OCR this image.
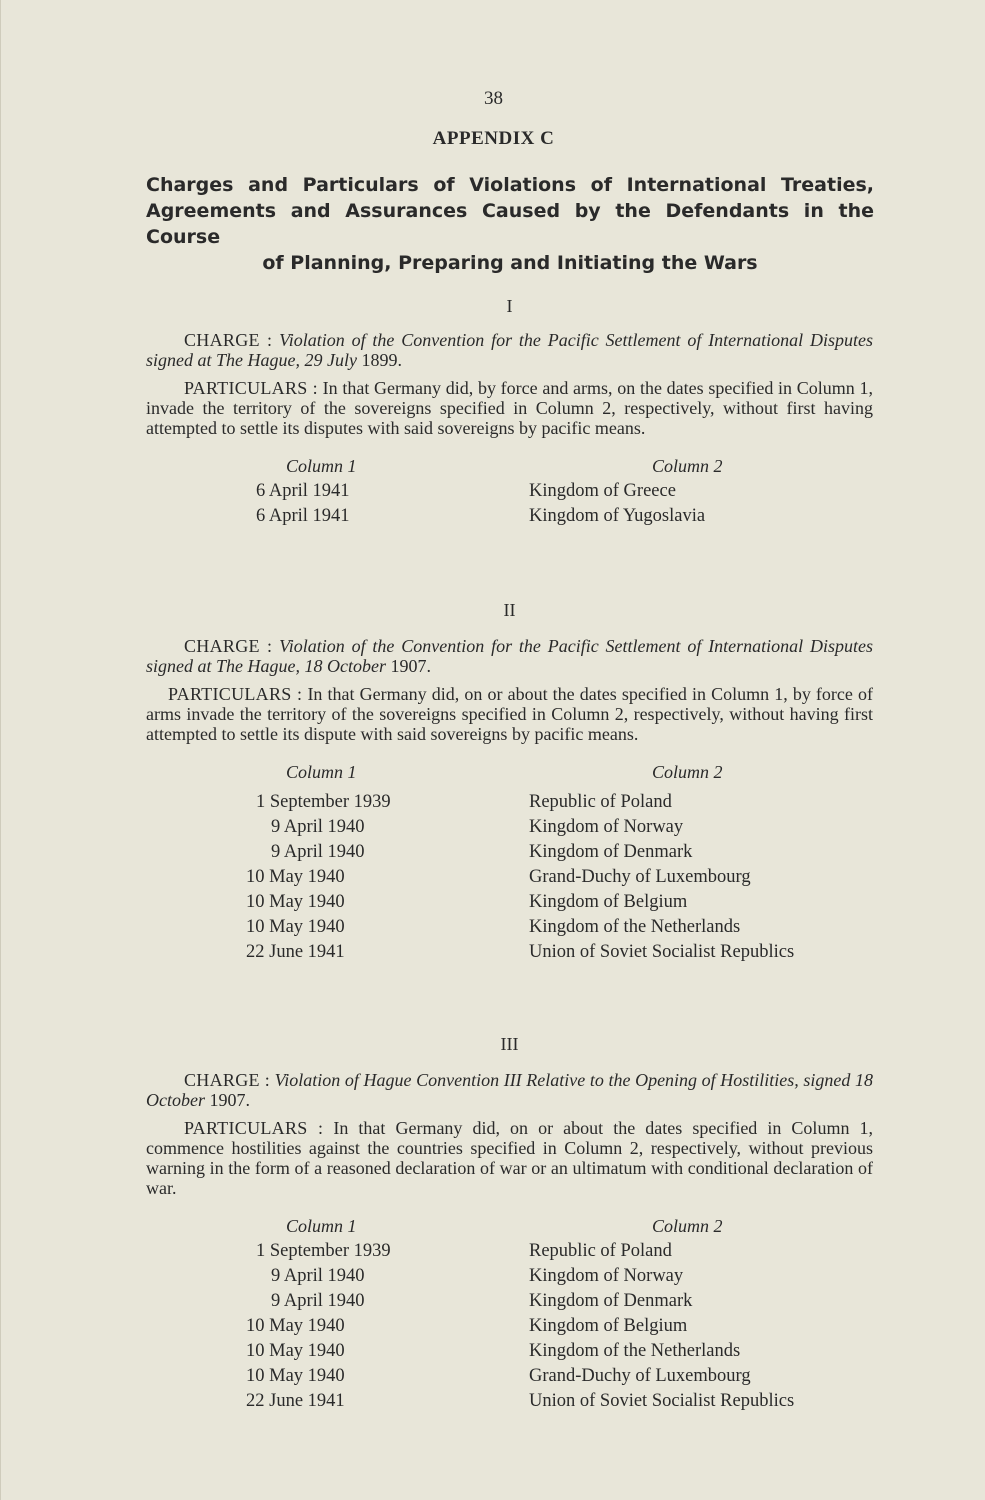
38
APPENDIX C
Charges and Particulars of Violations of International Treaties,
Agreements and Assurances Caused by the Defendants in the Course
of Planning, Preparing and Initiating the Wars
I

CHARGE : Violation of the Convention for the Pacific Settlement of International Disputes signed at The Hague, 29 July 1899.

PARTICULARS : In that Germany did, by force and arms, on the dates specified in Column 1, invade the territory of the sovereigns specified in Column 2, respectively, without first having attempted to settle its disputes with said sovereigns by pacific means.

Column 1	Column 2
6 April 1941	Kingdom of Greece
6 April 1941	Kingdom of Yugoslavia
II

CHARGE : Violation of the Convention for the Pacific Settlement of International Disputes signed at The Hague, 18 October 1907.

PARTICULARS : In that Germany did, on or about the dates specified in Column 1, by force of arms invade the territory of the sovereigns specified in Column 2, respectively, without having first attempted to settle its dispute with said sovereigns by pacific means.

Column 1	Column 2
1 September 1939	Republic of Poland
9 April 1940	Kingdom of Norway
9 April 1940	Kingdom of Denmark
10 May 1940	Grand-Duchy of Luxembourg
10 May 1940	Kingdom of Belgium
10 May 1940	Kingdom of the Netherlands
22 June 1941	Union of Soviet Socialist Republics
III

CHARGE : Violation of Hague Convention III Relative to the Opening of Hostilities, signed 18 October 1907.

PARTICULARS : In that Germany did, on or about the dates specified in Column 1, commence hostilities against the countries specified in Column 2, respectively, without previous warning in the form of a reasoned declaration of war or an ultimatum with conditional declaration of war.

Column 1	Column 2
1 September 1939	Republic of Poland
9 April 1940	Kingdom of Norway
9 April 1940	Kingdom of Denmark
10 May 1940	Kingdom of Belgium
10 May 1940	Kingdom of the Netherlands
10 May 1940	Grand-Duchy of Luxembourg
22 June 1941	Union of Soviet Socialist Republics
